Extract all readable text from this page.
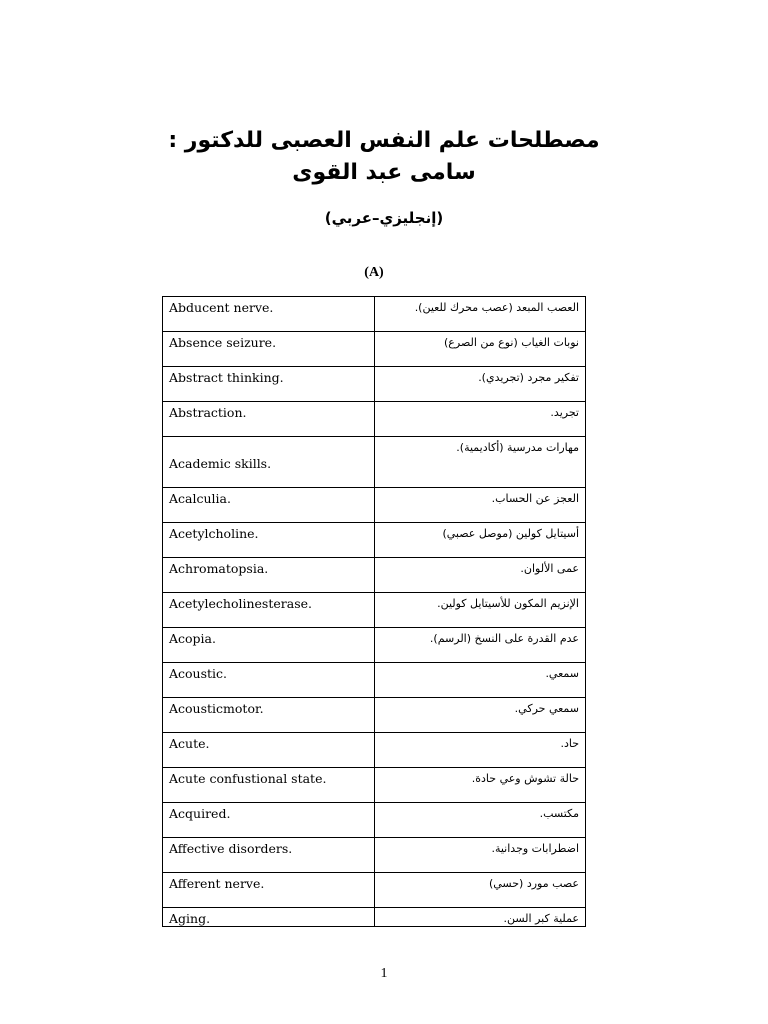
مصطلحات علم النفس العصبى للدكتور :
سامى عبد القوى

(إنجليزي–عربي)

(A)

Abducent nerve.	العصب المبعد (عصب محرك للعين).
Absence seizure.	نوبات الغياب (نوع من الصرع)
Abstract thinking.	تفكير مجرد (تجريدي).
Abstraction.	تجريد.
Academic skills.	مهارات مدرسية (أكاديمية).
Acalculia.	العجز عن الحساب.
Acetylcholine.	أسيتايل كولين (موصل عصبي)
Achromatopsia.	عمى الألوان.
Acetylecholinesterase.	الإنزيم المكون للأسيتايل كولين.
Acopia.	عدم القدرة على النسخ (الرسم).
Acoustic.	سمعي.
Acousticmotor.	سمعي حركي.
Acute.	حاد.
Acute confustional state.	حالة تشوش وعي حادة.
Acquired.	مكتسب.
Affective disorders.	اضطرابات وجدانية.
Afferent nerve.	عصب مورد (حسي)
Aging.	عملية كبر السن.

1
